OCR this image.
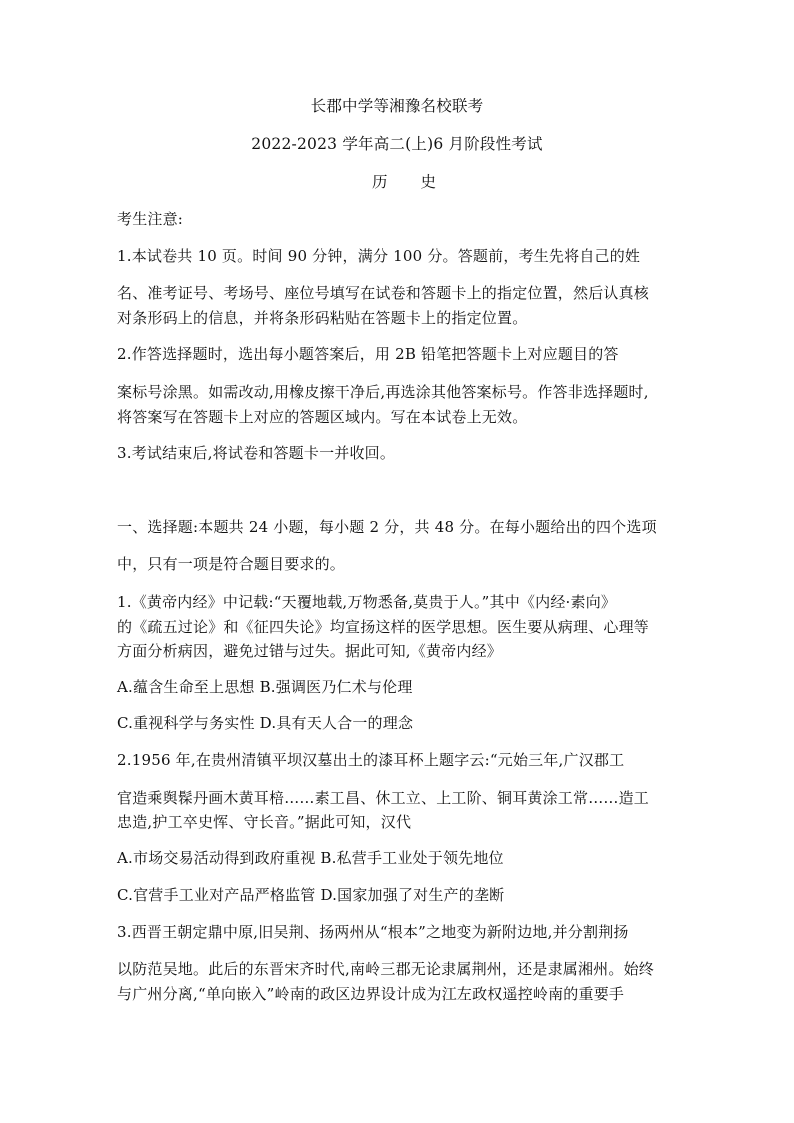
长郡中学等湘豫名校联考
2022-2023 学年高二(上)6 月阶段性考试
历 史
考生注意:
1.本试卷共 10 页。时间 90 分钟，满分 100 分。答题前，考生先将自己的姓
名、准考证号、考场号、座位号填写在试卷和答题卡上的指定位置，然后认真核
对条形码上的信息，并将条形码粘贴在答题卡上的指定位置。
2.作答选择题时，选出每小题答案后，用 2B 铅笔把答题卡上对应题目的答
案标号涂黑。如需改动,用橡皮擦干净后,再选涂其他答案标号。作答非选择题时,
将答案写在答题卡上对应的答题区域内。写在本试卷上无效。
3.考试结束后,将试卷和答题卡一并收回。
一、选择题:本题共 24 小题，每小题 2 分，共 48 分。在每小题给出的四个选项
中，只有一项是符合题目要求的。
1.《黄帝内经》中记载:“天覆地载,万物悉备,莫贵于人。”其中《内经·素向》
的《疏五过论》和《征四失论》均宣扬这样的医学思想。医生要从病理、心理等
方面分析病因，避免过错与过失。据此可知,《黄帝内经》
A.蕴含生命至上思想 B.强调医乃仁术与伦理
C.重视科学与务实性 D.具有天人合一的理念
2.1956 年,在贵州清镇平坝汉墓出土的漆耳杯上题字云:“元始三年,广汉郡工
官造乘舆髹丹画木黄耳棓……素工昌、休工立、上工阶、铜耳黄涂工常……造工
忠造,护工卒史恽、守长音。”据此可知，汉代
A.市场交易活动得到政府重视 B.私营手工业处于领先地位
C.官营手工业对产品严格监管 D.国家加强了对生产的垄断
3.西晋王朝定鼎中原,旧吴荆、扬两州从“根本”之地变为新附边地,并分割荆扬
以防范吴地。此后的东晋宋齐时代,南岭三郡无论隶属荆州，还是隶属湘州。始终
与广州分离,“单向嵌入”岭南的政区边界设计成为江左政权遥控岭南的重要手
